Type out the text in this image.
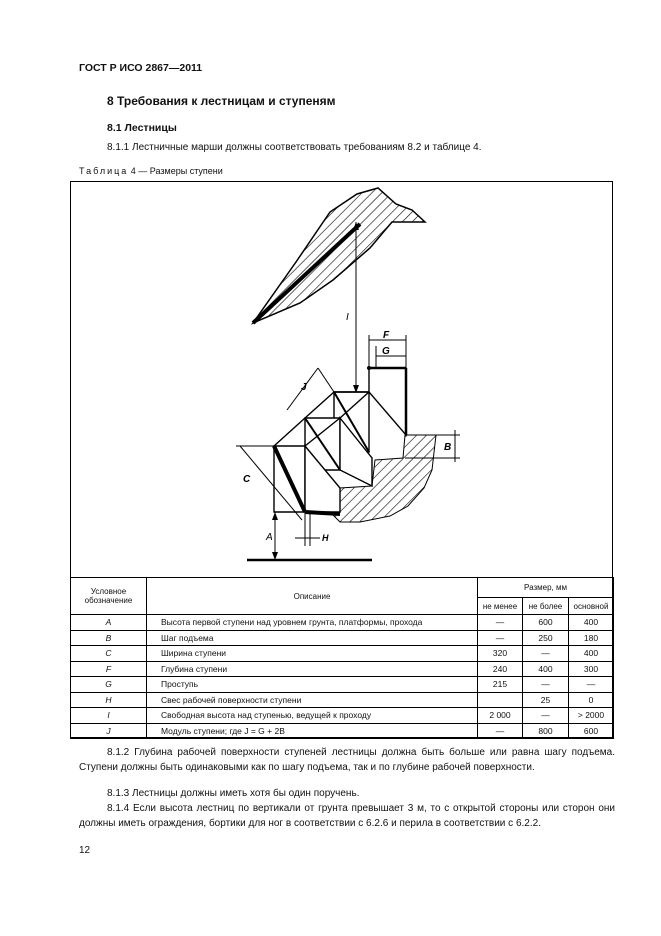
ГОСТ Р ИСО 2867—2011
8 Требования к лестницам и ступеням
8.1 Лестницы
8.1.1 Лестничные марши должны соответствовать требованиям 8.2 и таблице 4.
Таблица 4 — Размеры ступени
I
F
G
J
B
C
A	H
Условное обозначение	Описание	Размер, мм		
		не менее	не более	основной
A	Высота первой ступени над уровнем грунта, платформы, прохода	—	600	400
B	Шаг подъема	—	250	180
C	Ширина ступени	320	—	400
F	Глубина ступени	240	400	300
G	Проступь	215	—	—
H	Свес рабочей поверхности ступени		25	0
I	Свободная высота над ступенью, ведущей к проходу	2 000	—	> 2000
J	Модуль ступени; где J = G + 2B	—	800	600
8.1.2 Глубина рабочей поверхности ступеней лестницы должна быть больше или равна шагу подъема. Ступени должны быть одинаковыми как по шагу подъема, так и по глубине рабочей поверхности.
8.1.3 Лестницы должны иметь хотя бы один поручень.
8.1.4 Если высота лестниц по вертикали от грунта превышает 3 м, то с открытой стороны или сторон они должны иметь ограждения, бортики для ног в соответствии с 6.2.6 и перила в соответствии с 6.2.2.
12
